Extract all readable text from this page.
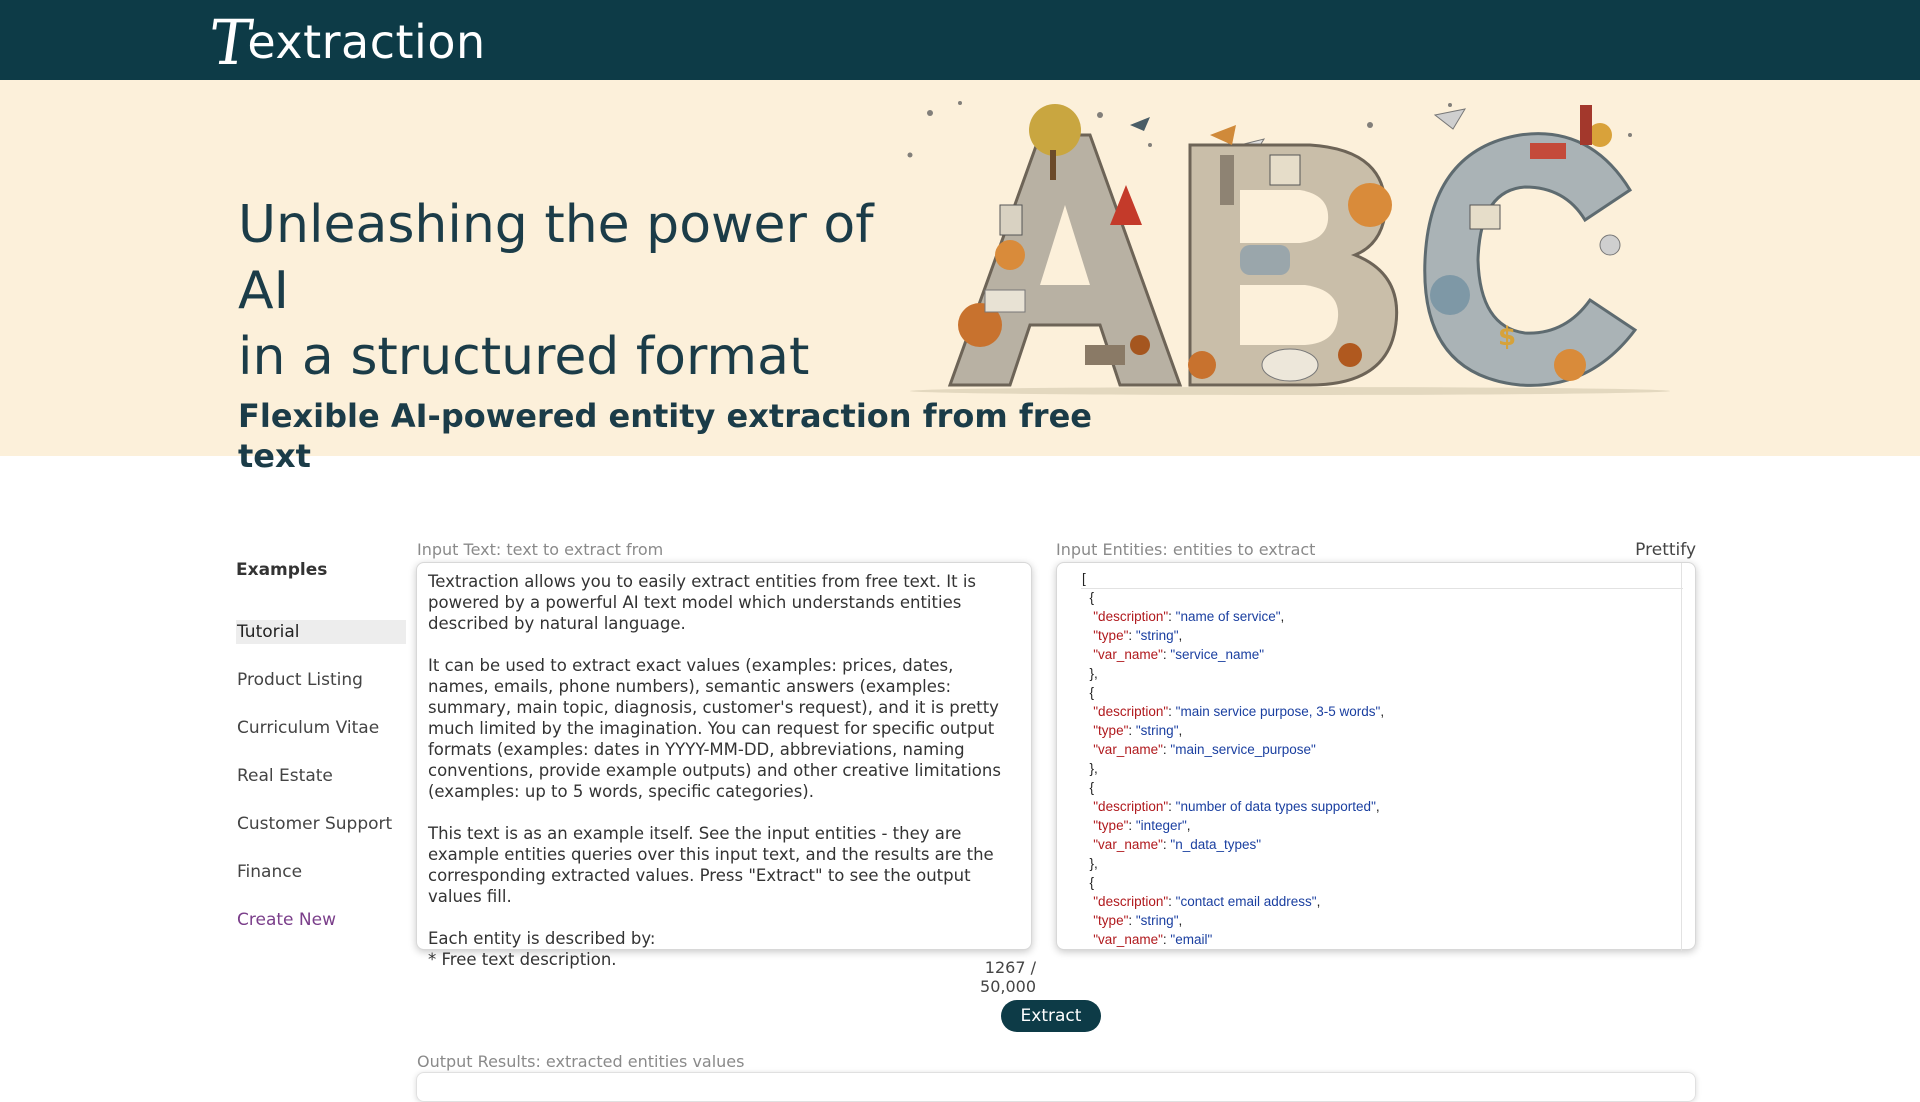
T
extraction
Unleashing the power of AI
in a structured format	$
Flexible AI-powered entity extraction from free text
Examples
Tutorial
Product Listing
Curriculum Vitae
Real Estate
Customer Support
Finance
Create New
Input Text: text to extract from

Textraction allows you to easily extract entities from free text. It is powered by a powerful AI text model which understands entities described by natural language.

It can be used to extract exact values (examples: prices, dates, names, emails, phone numbers), semantic answers (examples: summary, main topic, diagnosis, customer's request), and it is pretty much limited by the imagination. You can request for specific output formats (examples: dates in YYYY-MM-DD, abbreviations, naming conventions, provide example outputs) and other creative limitations (examples: up to 5 words, specific categories).

This text is as an example itself. See the input entities - they are example entities queries over this input text, and the results are the corresponding extracted values. Press "Extract" to see the output values fill.

Each entity is described by:
* Free text description.	1267 / 50,000
Input Entities: entities to extract	Prettify
[
{
"description": "name of service",
"type": "string",
"var_name": "service_name"
},
{
"description": "main service purpose, 3-5 words",
"type": "string",
"var_name": "main_service_purpose"
},
{
"description": "number of data types supported",
"type": "integer",
"var_name": "n_data_types"
},
{
"description": "contact email address",
"type": "string",
"var_name": "email"
Extract
Output Results: extracted entities values
